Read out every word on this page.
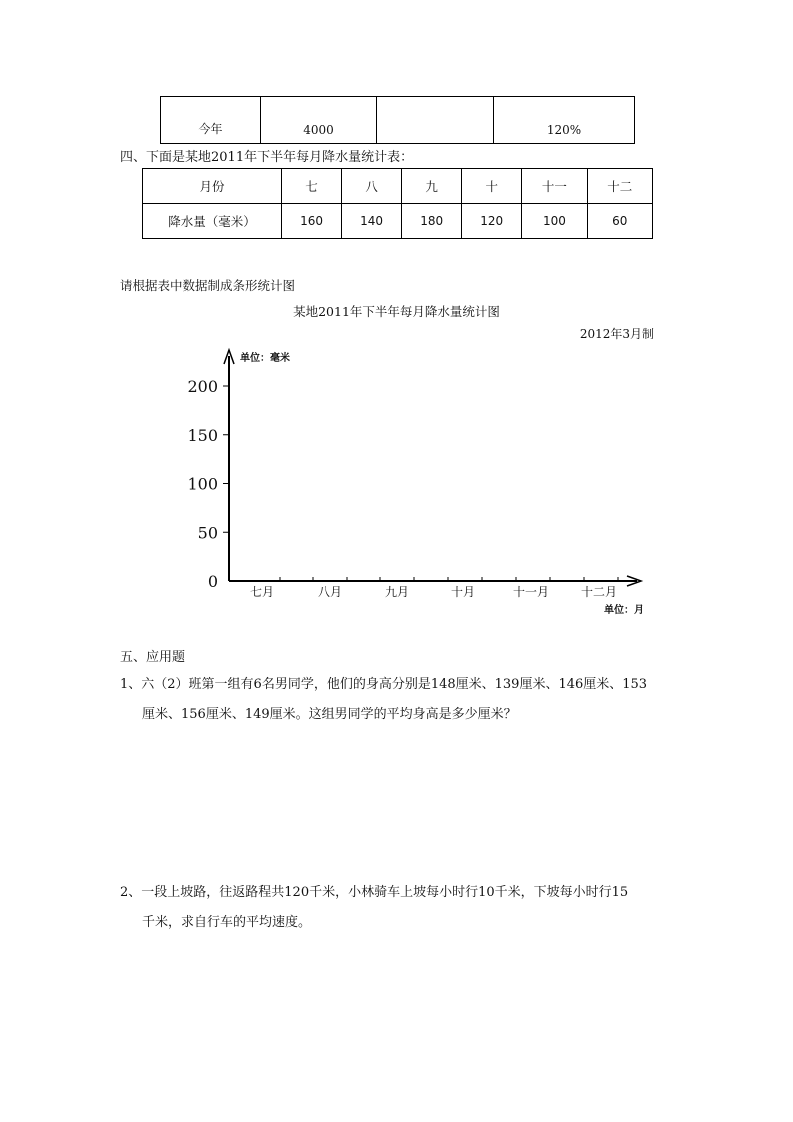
今年	4000		120%
四、下面是某地2011年下半年每月降水量统计表：
月份	七	八	九	十	十一	十二
降水量（毫米）	160	140	180	120	100	60
请根据表中数据制成条形统计图
某地2011年下半年每月降水量统计图
2012年3月制
0
50
100
150
200
七月	八月	九月	十月	十一月	十二月
单位：毫米
单位：月
五、应用题
1、六（2）班第一组有6名男同学，他们的身高分别是148厘米、139厘米、146厘米、153
厘米、156厘米、149厘米。这组男同学的平均身高是多少厘米？
2、一段上坡路，往返路程共120千米，小林骑车上坡每小时行10千米，下坡每小时行15
千米，求自行车的平均速度。
